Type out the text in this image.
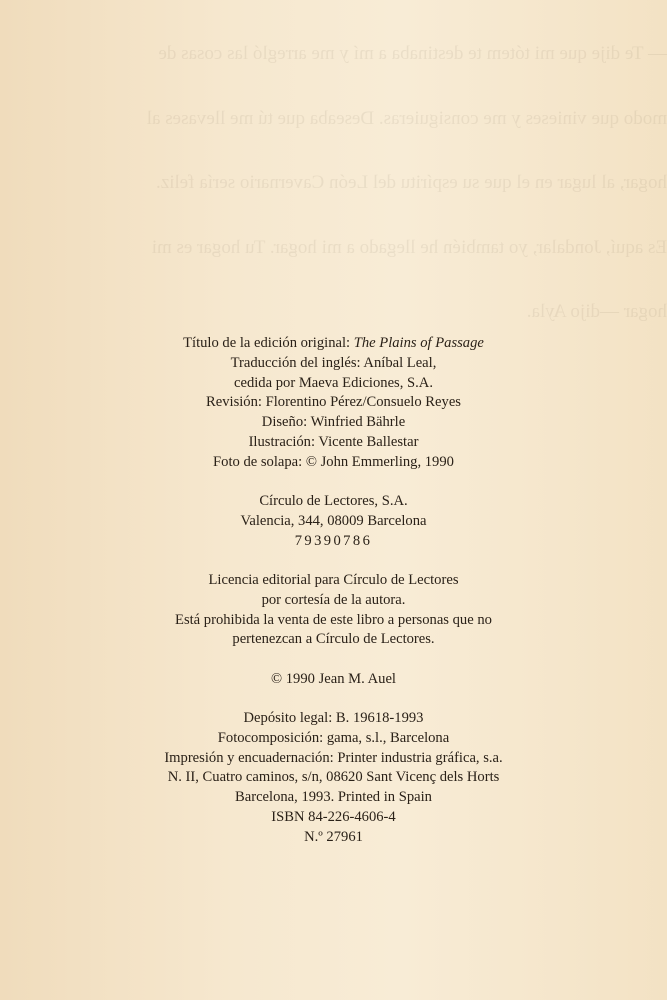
— Te dije que mi tótem te destinaba a mí y me arregló las cosas de

modo que vinieses y me consiguieras. Deseaba que tú me llevases al

hogar, al lugar en el que su espíritu del León Cavernario sería feliz.

Es aquí, Jondalar, yo también he llegado a mi hogar. Tu hogar es mi

hogar —dijo Ayla.

Título de la edición original: The Plains of Passage
Traducción del inglés: Aníbal Leal,
cedida por Maeva Ediciones, S.A.
Revisión: Florentino Pérez/Consuelo Reyes
Diseño: Winfried Bährle
Ilustración: Vicente Ballestar
Foto de solapa: © John Emmerling, 1990
Círculo de Lectores, S.A.
Valencia, 344, 08009 Barcelona
79390786
Licencia editorial para Círculo de Lectores
por cortesía de la autora.
Está prohibida la venta de este libro a personas que no
pertenezcan a Círculo de Lectores.
© 1990 Jean M. Auel
Depósito legal: B. 19618-1993
Fotocomposición: gama, s.l., Barcelona
Impresión y encuadernación: Printer industria gráfica, s.a.
N. II, Cuatro caminos, s/n, 08620 Sant Vicenç dels Horts
Barcelona, 1993. Printed in Spain
ISBN 84-226-4606-4
N.º 27961
